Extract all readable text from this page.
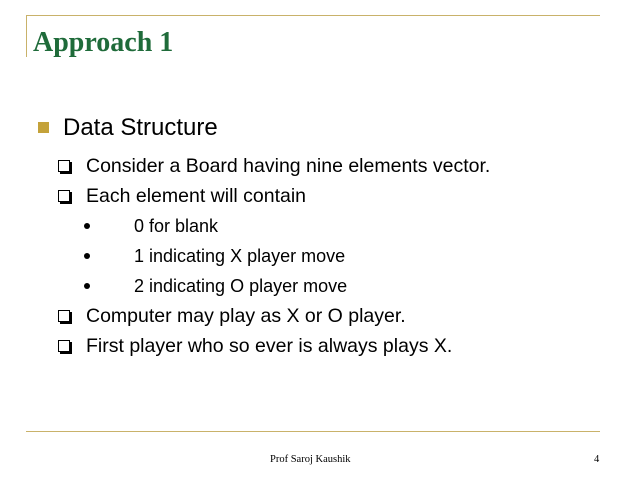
Approach 1
Data Structure
Consider a Board having nine elements vector.
Each element will contain
0 for blank
1 indicating X player move
2 indicating O player move
Computer may play as X or O player.
First player who so ever is always plays X.
Prof Saroj Kaushik	4
